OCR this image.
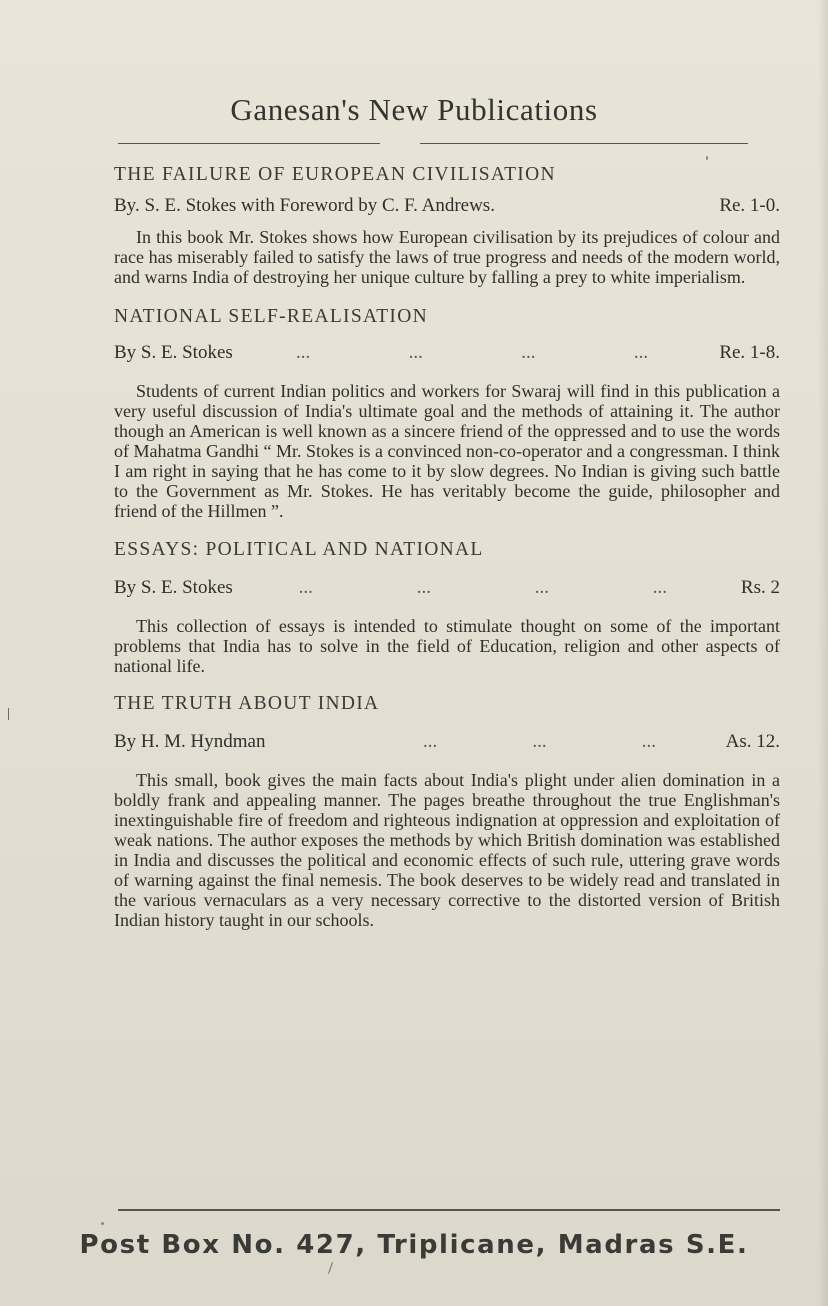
Ganesan's New Publications

THE FAILURE OF EUROPEAN CIVILISATION

By. S. E. Stokes with Foreword by C. F. Andrews.	Re. 1-0.

In this book Mr. Stokes shows how European civilisation by its prejudices of colour and race has miserably failed to satisfy the laws of true progress and needs of the modern world, and warns India of destroying her unique culture by falling a prey to white imperialism.

NATIONAL SELF-REALISATION

By S. E. Stokes	...	...	...	...	Re. 1-8.

Students of current Indian politics and workers for Swaraj will find in this publication a very useful discussion of India's ultimate goal and the methods of attaining it. The author though an American is well known as a sincere friend of the oppressed and to use the words of Mahatma Gandhi “ Mr. Stokes is a convinced non-co-operator and a congressman. I think I am right in saying that he has come to it by slow degrees. No Indian is giving such battle to the Government as Mr. Stokes. He has veritably become the guide, philosopher and friend of the Hillmen ”.

ESSAYS: POLITICAL AND NATIONAL

By S. E. Stokes	...	...	...	...	Rs. 2

This collection of essays is intended to stimulate thought on some of the important problems that India has to solve in the field of Education, religion and other aspects of national life.

THE TRUTH ABOUT INDIA

By H. M. Hyndman	...	...	...	As. 12.

This small, book gives the main facts about India's plight under alien domination in a boldly frank and appealing manner. The pages breathe throughout the true Englishman's inextinguishable fire of freedom and righteous indignation at oppression and exploitation of weak nations. The author exposes the methods by which British domination was established in India and discusses the political and economic effects of such rule, uttering grave words of warning against the final nemesis. The book deserves to be widely read and translated in the various vernaculars as a very necessary corrective to the distorted version of British Indian history taught in our schools.

Post Box No. 427, Triplicane, Madras S.E.
